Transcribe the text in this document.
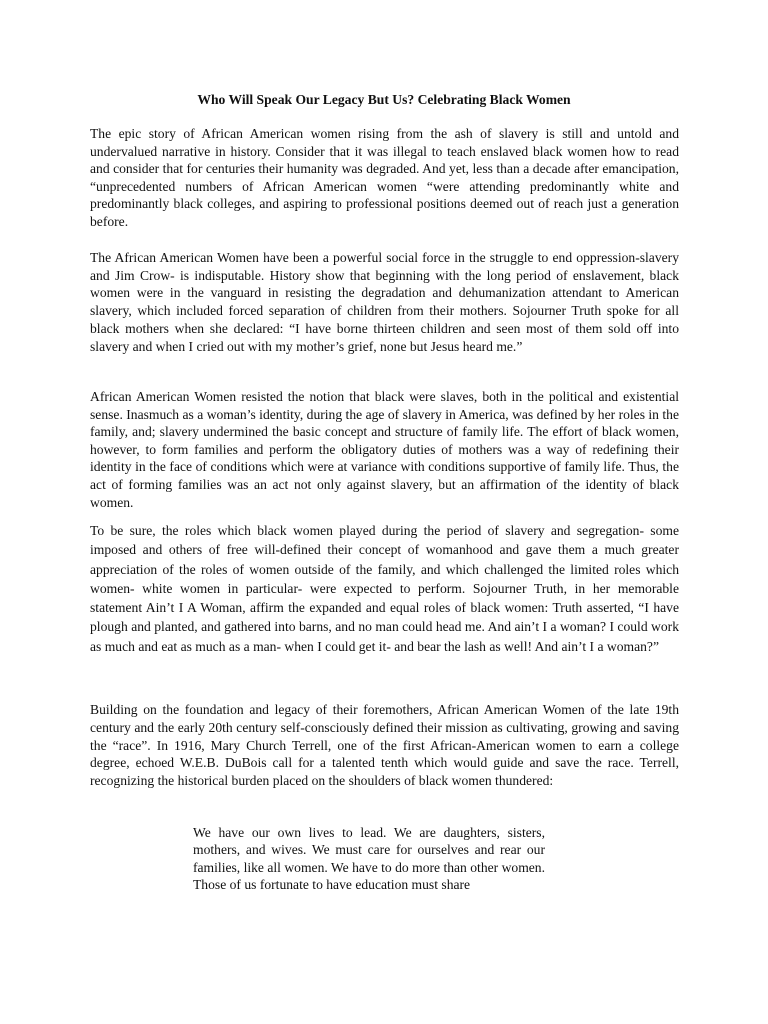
Who Will Speak Our Legacy But Us? Celebrating Black Women

The epic story of African American women rising from the ash of slavery is still and untold and undervalued narrative in history. Consider that it was illegal to teach enslaved black women how to read and consider that for centuries their humanity was degraded. And yet, less than a decade after emancipation, “unprecedented numbers of African American women “were attending predominantly white and predominantly black colleges, and aspiring to professional positions deemed out of reach just a generation before.

The African American Women have been a powerful social force in the struggle to end oppression-slavery and Jim Crow- is indisputable. History show that beginning with the long period of enslavement, black women were in the vanguard in resisting the degradation and dehumanization attendant to American slavery, which included forced separation of children from their mothers. Sojourner Truth spoke for all black mothers when she declared: “I have borne thirteen children and seen most of them sold off into slavery and when I cried out with my mother’s grief, none but Jesus heard me.”

African American Women resisted the notion that black were slaves, both in the political and existential sense. Inasmuch as a woman’s identity, during the age of slavery in America, was defined by her roles in the family, and; slavery undermined the basic concept and structure of family life. The effort of black women, however, to form families and perform the obligatory duties of mothers was a way of redefining their identity in the face of conditions which were at variance with conditions supportive of family life. Thus, the act of forming families was an act not only against slavery, but an affirmation of the identity of black women.

To be sure, the roles which black women played during the period of slavery and segregation- some imposed and others of free will-defined their concept of womanhood and gave them a much greater appreciation of the roles of women outside of the family, and which challenged the limited roles which women- white women in particular- were expected to perform. Sojourner Truth, in her memorable statement Ain’t I A Woman, affirm the expanded and equal roles of black women: Truth asserted, “I have plough and planted, and gathered into barns, and no man could head me. And ain’t I a woman? I could work as much and eat as much as a man- when I could get it- and bear the lash as well! And ain’t I a woman?”

Building on the foundation and legacy of their foremothers, African American Women of the late 19th century and the early 20th century self-consciously defined their mission as cultivating, growing and saving the “race”. In 1916, Mary Church Terrell, one of the first African-American women to earn a college degree, echoed W.E.B. DuBois call for a talented tenth which would guide and save the race. Terrell, recognizing the historical burden placed on the shoulders of black women thundered:

We have our own lives to lead. We are daughters, sisters, mothers, and wives. We must care for ourselves and rear our families, like all women. We have to do more than other women. Those of us fortunate to have education must share
